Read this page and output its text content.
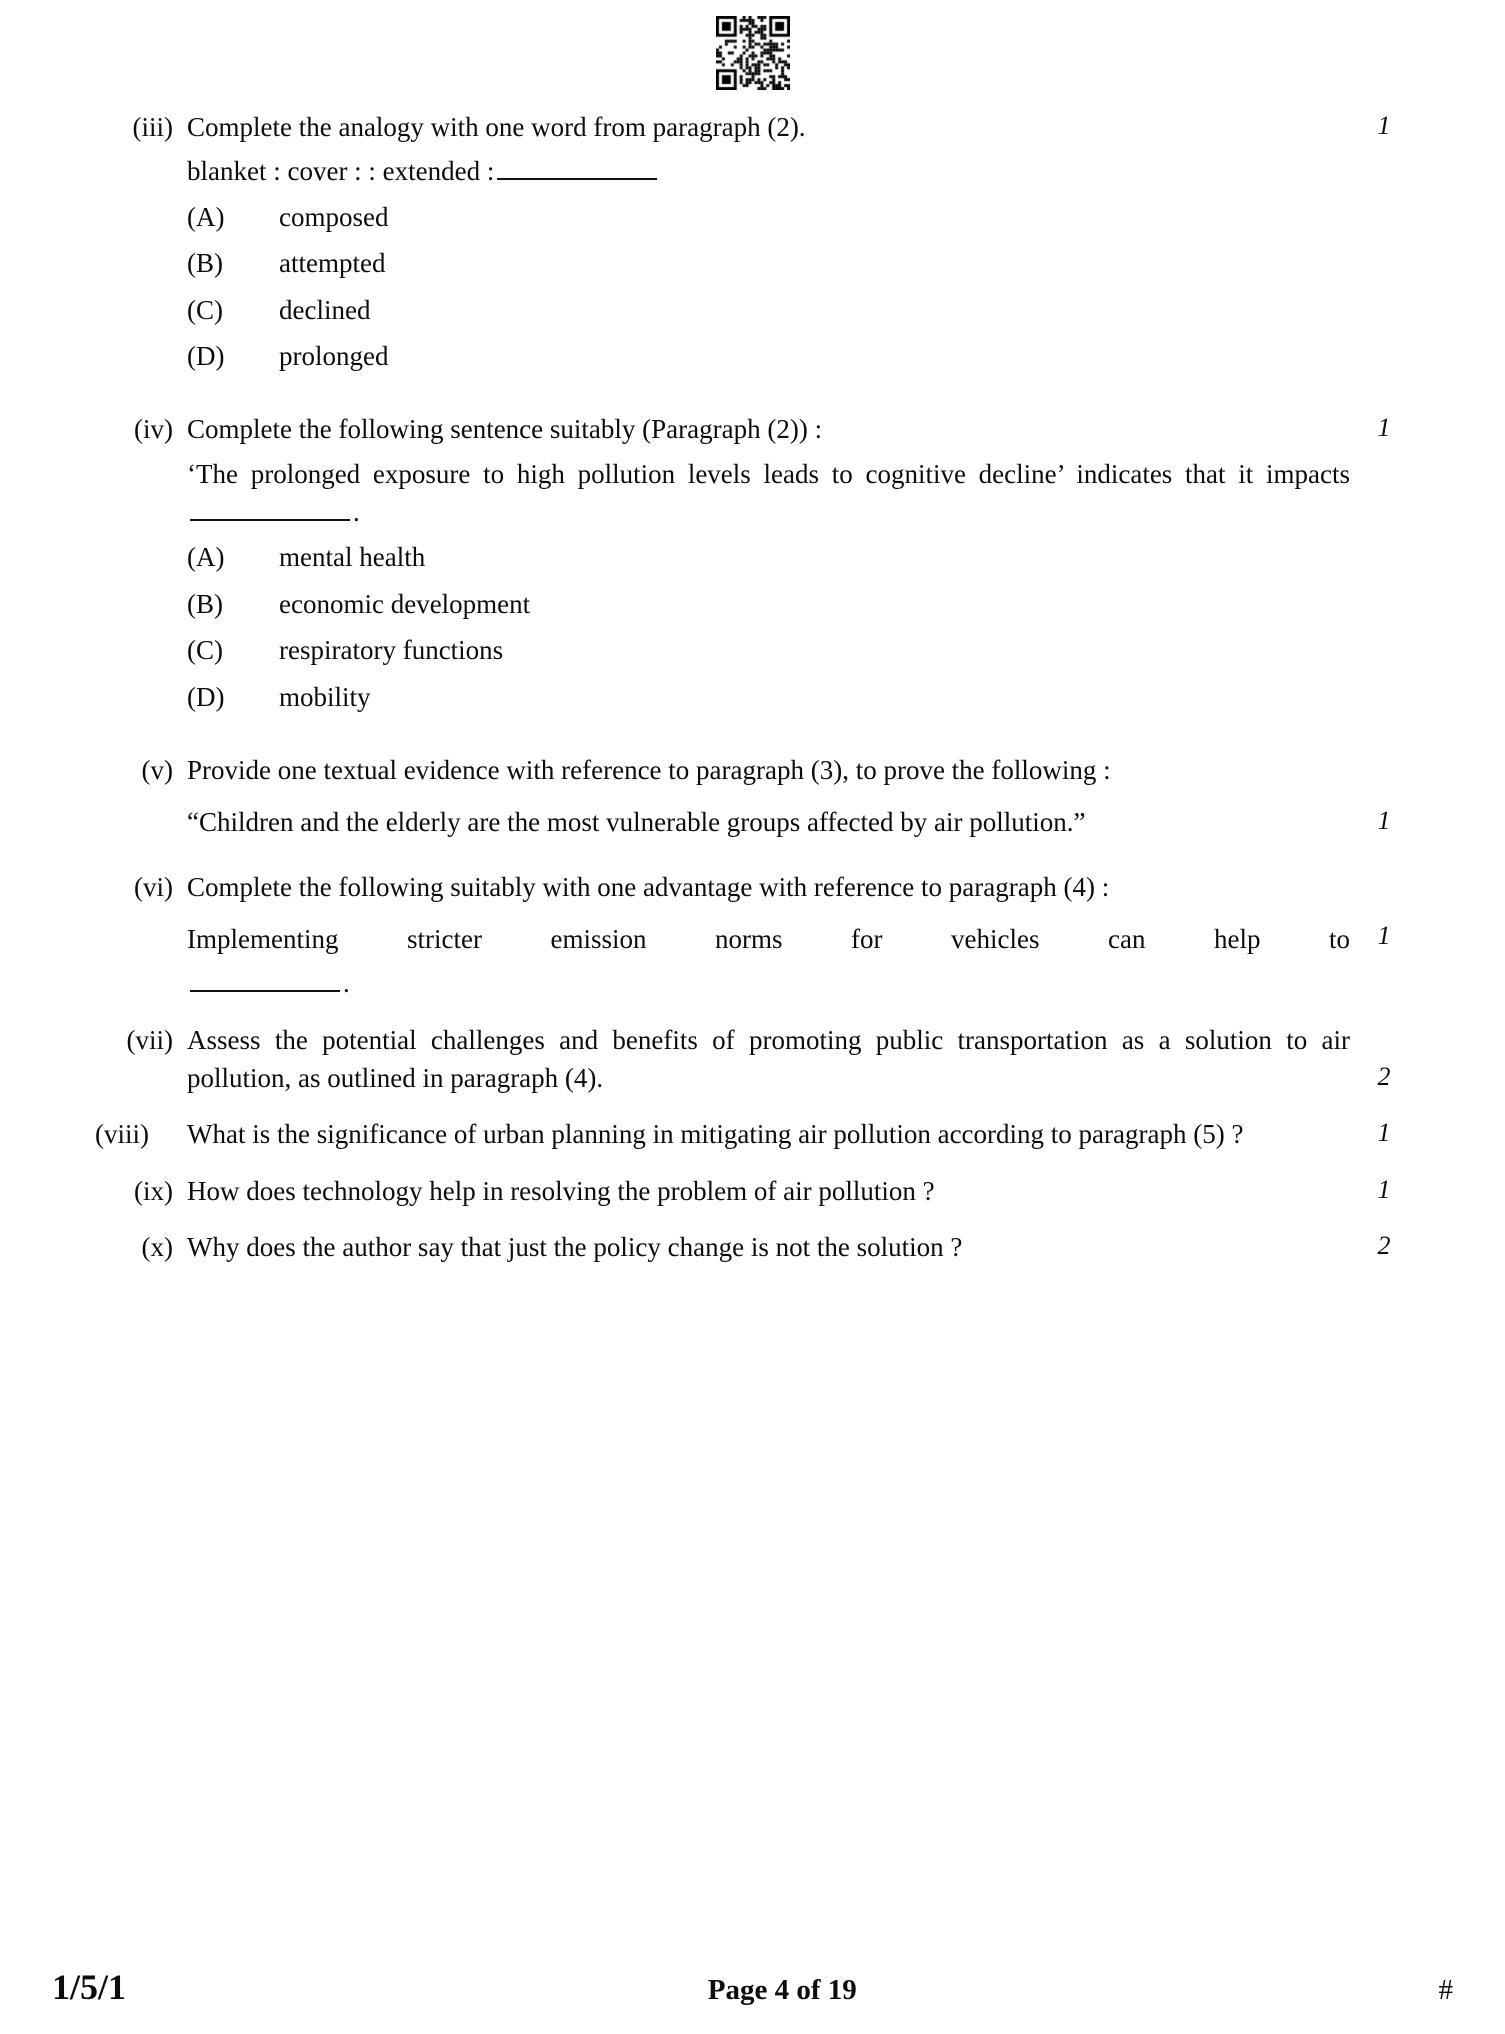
(iii) Complete the analogy with one word from paragraph (2).
blanket : cover : : extended :
(A)	composed
(B)	attempted
(C)	declined
(D)	prolonged
1
(iv) Complete the following sentence suitably (Paragraph (2)) :
‘The prolonged exposure to high pollution levels leads to cognitive decline’ indicates that it impacts.
(A)	mental health
(B)	economic development
(C)	respiratory functions
(D)	mobility
1
(v) Provide one textual evidence with reference to paragraph (3), to prove the following :
“Children and the elderly are the most vulnerable groups affected by air pollution.”	1
(vi) Complete the following suitably with one advantage with reference to paragraph (4) :
Implementing stricter emission norms for vehicles can help to
.
1
(vii) Assess the potential challenges and benefits of promoting public transportation as a solution to air pollution, as outlined in paragraph (4).	2
(viii)	What is the significance of urban planning in mitigating air pollution according to paragraph (5) ?	1
(ix) How does technology help in resolving the problem of air pollution ?	1
(x) Why does the author say that just the policy change is not the solution ?	2
1/5/1	Page 4 of 19	#
